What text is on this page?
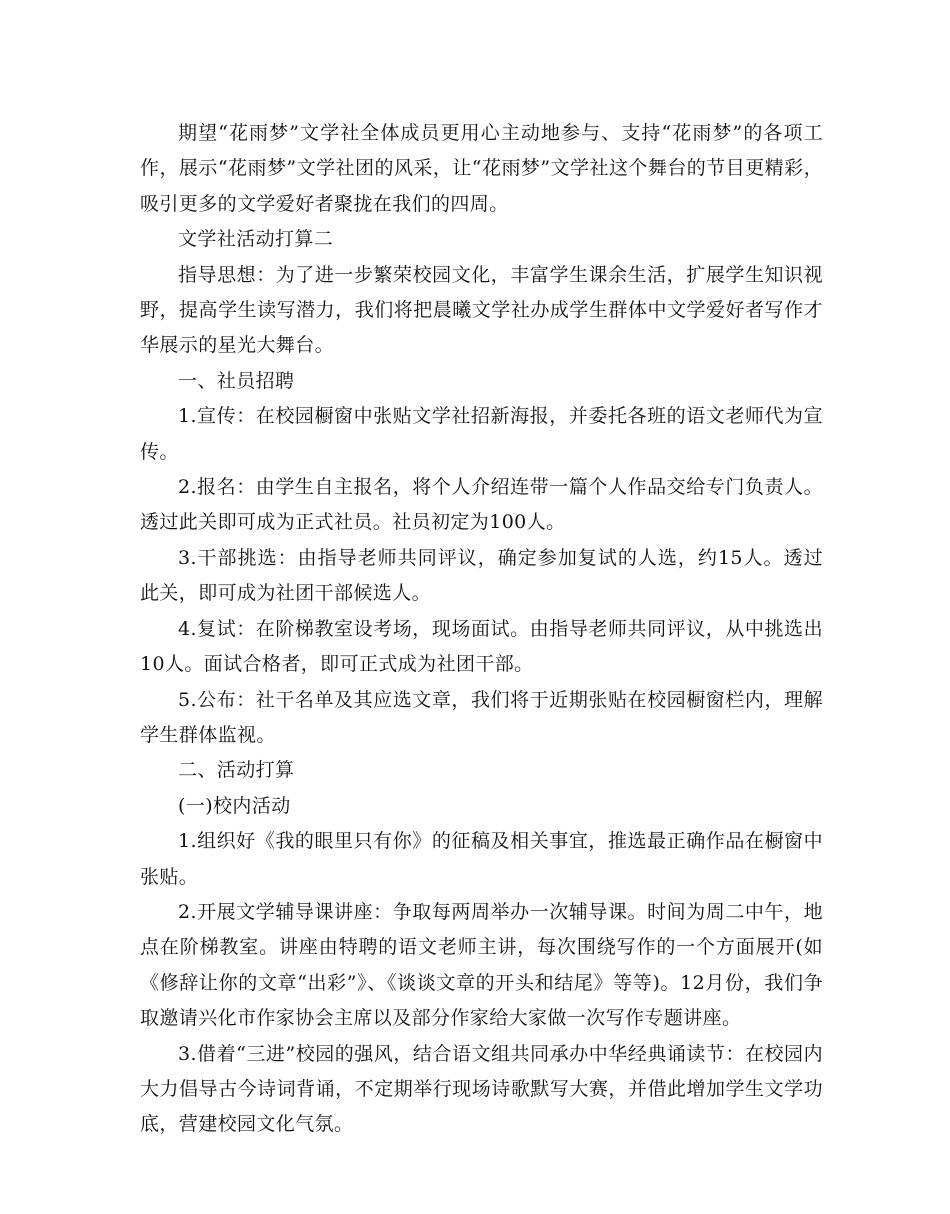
期望“花雨梦”文学社全体成员更用心主动地参与、支持“花雨梦”的各项工作，展示“花雨梦”文学社团的风采，让“花雨梦”文学社这个舞台的节目更精彩，吸引更多的文学爱好者聚拢在我们的四周。

文学社活动打算二

指导思想：为了进一步繁荣校园文化，丰富学生课余生活，扩展学生知识视野，提高学生读写潜力，我们将把晨曦文学社办成学生群体中文学爱好者写作才华展示的星光大舞台。

一、社员招聘

1.宣传：在校园橱窗中张贴文学社招新海报，并委托各班的语文老师代为宣传。

2.报名：由学生自主报名，将个人介绍连带一篇个人作品交给专门负责人。透过此关即可成为正式社员。社员初定为100人。

3.干部挑选：由指导老师共同评议，确定参加复试的人选，约15人。透过此关，即可成为社团干部候选人。

4.复试：在阶梯教室设考场，现场面试。由指导老师共同评议，从中挑选出10人。面试合格者，即可正式成为社团干部。

5.公布：社干名单及其应选文章，我们将于近期张贴在校园橱窗栏内，理解学生群体监视。

二、活动打算

(一)校内活动

1.组织好《我的眼里只有你》的征稿及相关事宜，推选最正确作品在橱窗中张贴。

2.开展文学辅导课讲座：争取每两周举办一次辅导课。时间为周二中午，地点在阶梯教室。讲座由特聘的语文老师主讲，每次围绕写作的一个方面展开(如《修辞让你的文章“出彩”》、《谈谈文章的开头和结尾》等等)。12月份，我们争取邀请兴化市作家协会主席以及部分作家给大家做一次写作专题讲座。

3.借着“三进”校园的强风，结合语文组共同承办中华经典诵读节：在校园内大力倡导古今诗词背诵，不定期举行现场诗歌默写大赛，并借此增加学生文学功底，营建校园文化气氛。
